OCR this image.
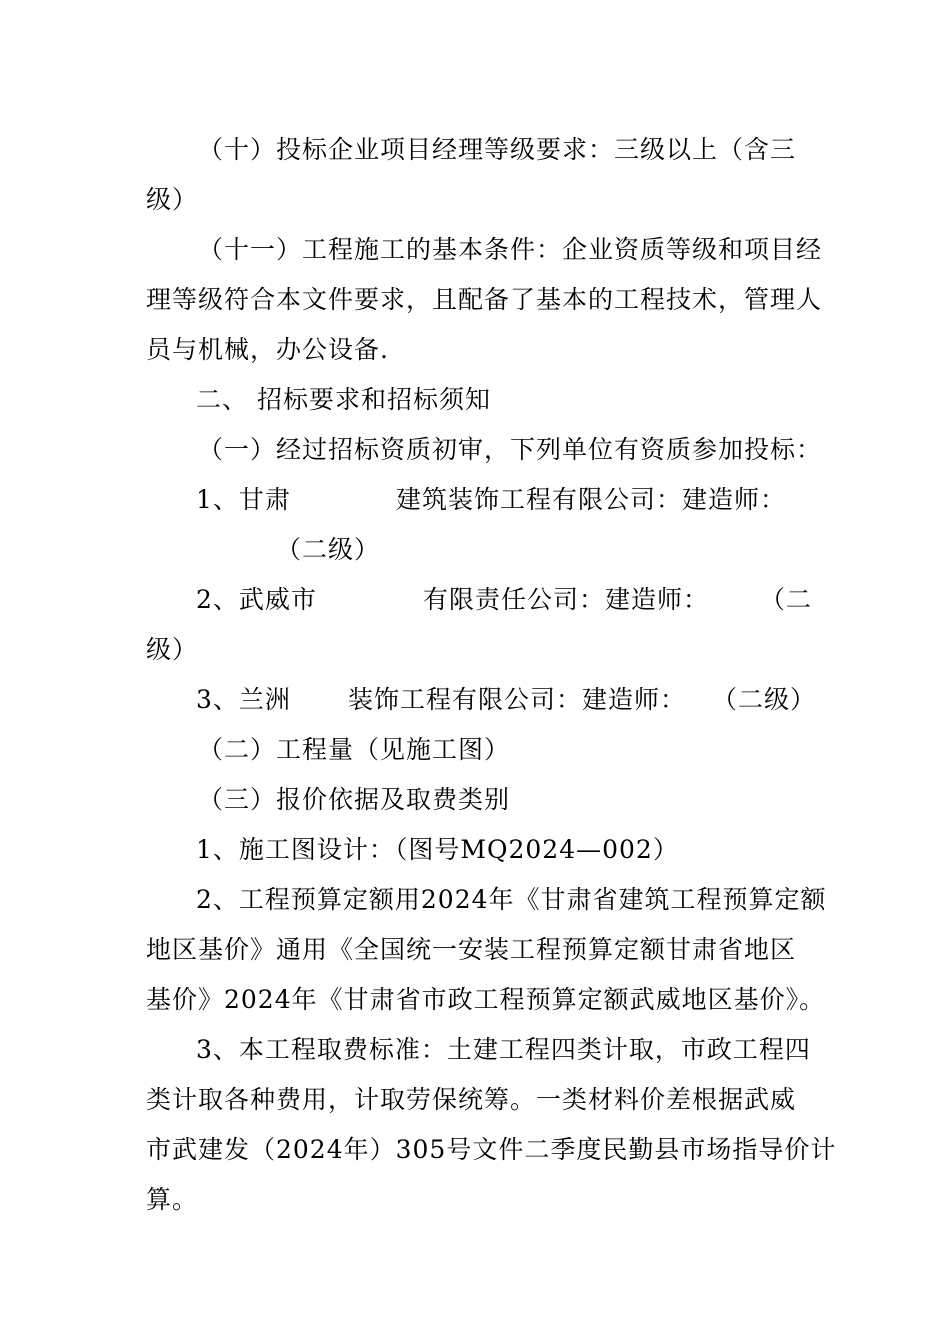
（十）投标企业项目经理等级要求：三级以上（含三

级）

（十一）工程施工的基本条件：企业资质等级和项目经

理等级符合本文件要求，且配备了基本的工程技术，管理人

员与机械，办公设备.

二、 招标要求和招标须知

（一）经过招标资质初审，下列单位有资质参加投标：

1、甘肃

	建筑装饰工程有限公司：建造师：

（二级）

2、武威市

	有限责任公司：建造师：

（二

级）

3、兰洲

装饰工程有限公司：建造师：

（二级）

（二）工程量（见施工图）

（三）报价依据及取费类别

1、施工图设计：（图号MQ2024—002）

2、工程预算定额用2024年《甘肃省建筑工程预算定额

地区基价》通用《全国统一安装工程预算定额甘肃省地区

基价》2024年《甘肃省市政工程预算定额武威地区基价》。

3、本工程取费标准：土建工程四类计取，市政工程四

类计取各种费用，计取劳保统筹。一类材料价差根据武威

市武建发（2024年）305号文件二季度民勤县市场指导价计

算。
